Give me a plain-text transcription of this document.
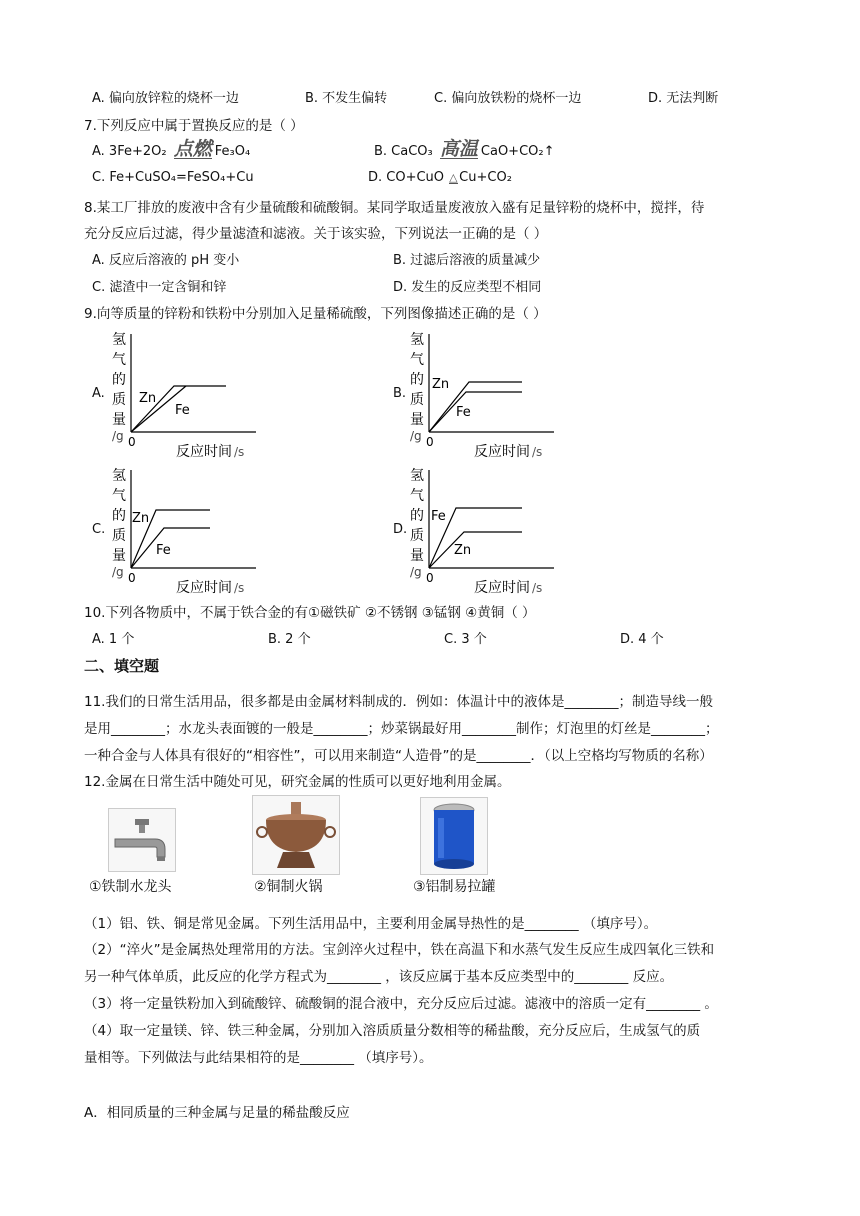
A. 偏向放锌粒的烧杯一边	B. 不发生偏转	C. 偏向放铁粉的烧杯一边	D. 无法判断
7.下列反应中属于置换反应的是（ ）
A. 3Fe+2O₂ 点燃 Fe₃O₄	B. CaCO₃ 高温 CaO+CO₂↑
C. Fe+CuSO₄=FeSO₄+Cu	D. CO+CuO △ Cu+CO₂
8.某工厂排放的废液中含有少量硫酸和硫酸铜。某同学取适量废液放入盛有足量锌粉的烧杯中，搅拌，待
充分反应后过滤，得少量滤渣和滤液。关于该实验，下列说法一正确的是（ ）
A. 反应后溶液的 pH 变小	B. 过滤后溶液的质量减少
C. 滤渣中一定含铜和锌	D. 发生的反应类型不相同
9.向等质量的锌粉和铁粉中分别加入足量稀硫酸，下列图像描述正确的是（ ）
A.
氢
气
的
质
量
/g 0
反应时间 /s
Zn
Fe
B.
氢
气
的
质
量
/g 0
反应时间 /s
Zn
Fe
C.
氢
气
的
质
量
/g 0
反应时间 /s
Zn
Fe
D.
氢
气
的
质
量
/g 0
反应时间 /s
Fe
Zn
10.下列各物质中，不属于铁合金的有①磁铁矿 ②不锈钢 ③锰钢 ④黄铜（ ）
A. 1 个	B. 2 个	C. 3 个	D. 4 个
二、填空题
11.我们的日常生活用品，很多都是由金属材料制成的．例如：体温计中的液体是________；制造导线一般
是用________；水龙头表面镀的一般是________；炒菜锅最好用________制作；灯泡里的灯丝是________；
一种合金与人体具有很好的“相容性”，可以用来制造“人造骨”的是________．（以上空格均写物质的名称）
12.金属在日常生活中随处可见，研究金属的性质可以更好地利用金属。
①铁制水龙头	②铜制火锅	③铝制易拉罐
（1）铝、铁、铜是常见金属。下列生活用品中，主要利用金属导热性的是________ （填序号）。
（2）“淬火”是金属热处理常用的方法。宝剑淬火过程中，铁在高温下和水蒸气发生反应生成四氧化三铁和
另一种气体单质，此反应的化学方程式为________ ，该反应属于基本反应类型中的________ 反应。
（3）将一定量铁粉加入到硫酸锌、硫酸铜的混合液中，充分反应后过滤。滤液中的溶质一定有________ 。
（4）取一定量镁、锌、铁三种金属，分别加入溶质质量分数相等的稀盐酸，充分反应后，生成氢气的质
量相等。下列做法与此结果相符的是________ （填序号）。
A．相同质量的三种金属与足量的稀盐酸反应
